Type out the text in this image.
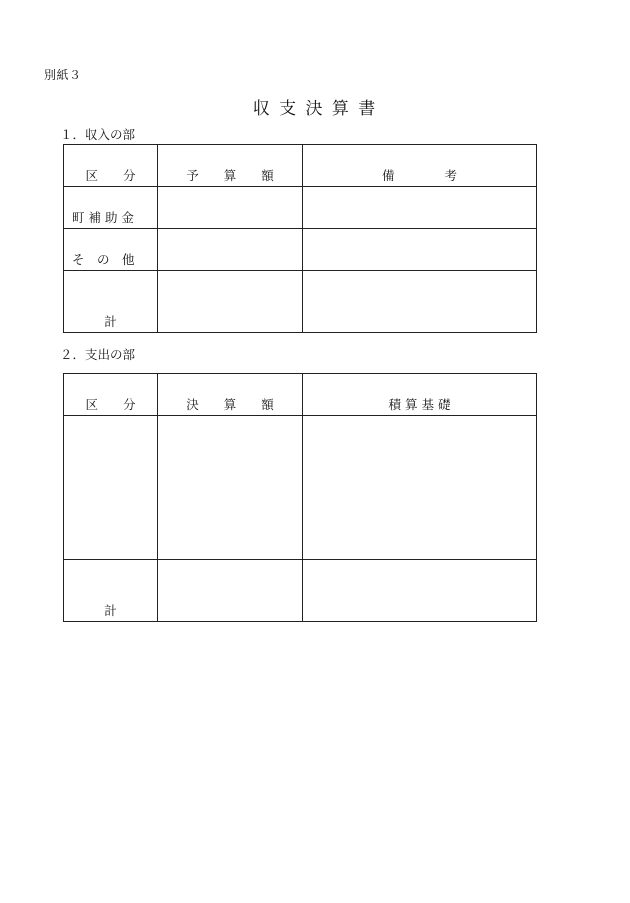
別紙３
収 支 決 算 書
１．収入の部
区　　分	予　　算　　額	備　　　　考

町 補 助 金		

そ　の　他		

計		

２．支出の部
区　　分	決　　算　　額	積 算 基 礎

計		
